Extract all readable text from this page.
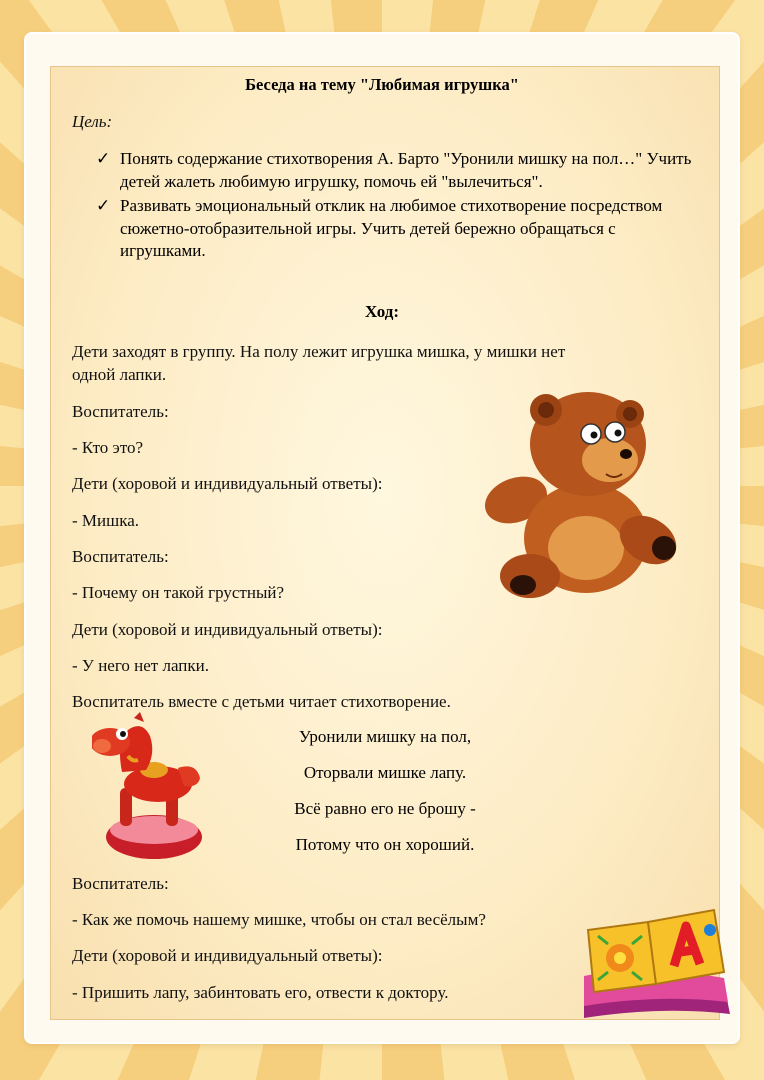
Беседа на тему "Любимая игрушка"
Цель:
✓ Понять содержание стихотворения А. Барто "Уронили мишку на пол…" Учить детей жалеть любимую игрушку, помочь ей "вылечиться".
✓ Развивать эмоциональный отклик на любимое стихотворение посредством сюжетно-отобразительной игры. Учить детей бережно обращаться с игрушками.
Ход:
Дети заходят в группу. На полу лежит игрушка мишка, у мишки нет
одной лапки.
Воспитатель:
- Кто это?
Дети (хоровой и индивидуальный ответы):
- Мишка.
Воспитатель:
- Почему он такой грустный?
Дети (хоровой и индивидуальный ответы):
- У него нет лапки.
Воспитатель вместе с детьми читает стихотворение.
Уронили мишку на пол,
Оторвали мишке лапу.
Всё равно его не брошу -
Потому что он хороший.
Воспитатель:
- Как же помочь нашему мишке, чтобы он стал весёлым?
Дети (хоровой и индивидуальный ответы):
- Пришить лапу, забинтовать его, отвести к доктору.
